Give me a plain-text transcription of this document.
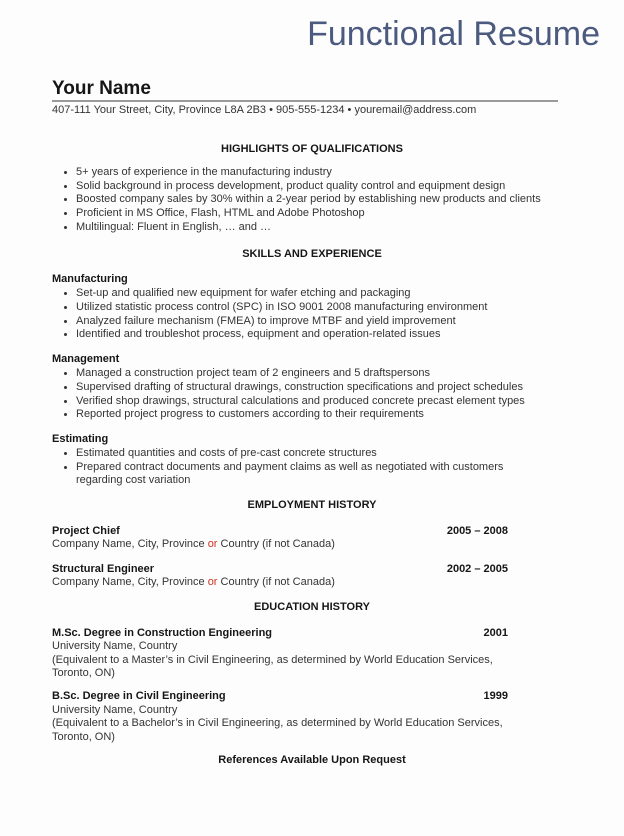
Functional Resume
Your Name
407-111 Your Street, City, Province L8A 2B3 • 905-555-1234 • youremail@address.com
HIGHLIGHTS OF QUALIFICATIONS
• 5+ years of experience in the manufacturing industry
• Solid background in process development, product quality control and equipment design
• Boosted company sales by 30% within a 2-year period by establishing new products and clients
• Proficient in MS Office, Flash, HTML and Adobe Photoshop
• Multilingual: Fluent in English, … and …
SKILLS AND EXPERIENCE
Manufacturing
• Set-up and qualified new equipment for wafer etching and packaging
• Utilized statistic process control (SPC) in ISO 9001 2008 manufacturing environment
• Analyzed failure mechanism (FMEA) to improve MTBF and yield improvement
• Identified and troubleshot process, equipment and operation-related issues
Management
• Managed a construction project team of 2 engineers and 5 draftspersons
• Supervised drafting of structural drawings, construction specifications and project schedules
• Verified shop drawings, structural calculations and produced concrete precast element types
• Reported project progress to customers according to their requirements
Estimating
• Estimated quantities and costs of pre-cast concrete structures
• Prepared contract documents and payment claims as well as negotiated with customers
regarding cost variation
EMPLOYMENT HISTORY
Project Chief	2005 – 2008
Company Name, City, Province or Country (if not Canada)
Structural Engineer	2002 – 2005
Company Name, City, Province or Country (if not Canada)
EDUCATION HISTORY
M.Sc. Degree in Construction Engineering	2001
University Name, Country
(Equivalent to a Master’s in Civil Engineering, as determined by World Education Services,
Toronto, ON)
B.Sc. Degree in Civil Engineering	1999
University Name, Country
(Equivalent to a Bachelor’s in Civil Engineering, as determined by World Education Services,
Toronto, ON)
References Available Upon Request
